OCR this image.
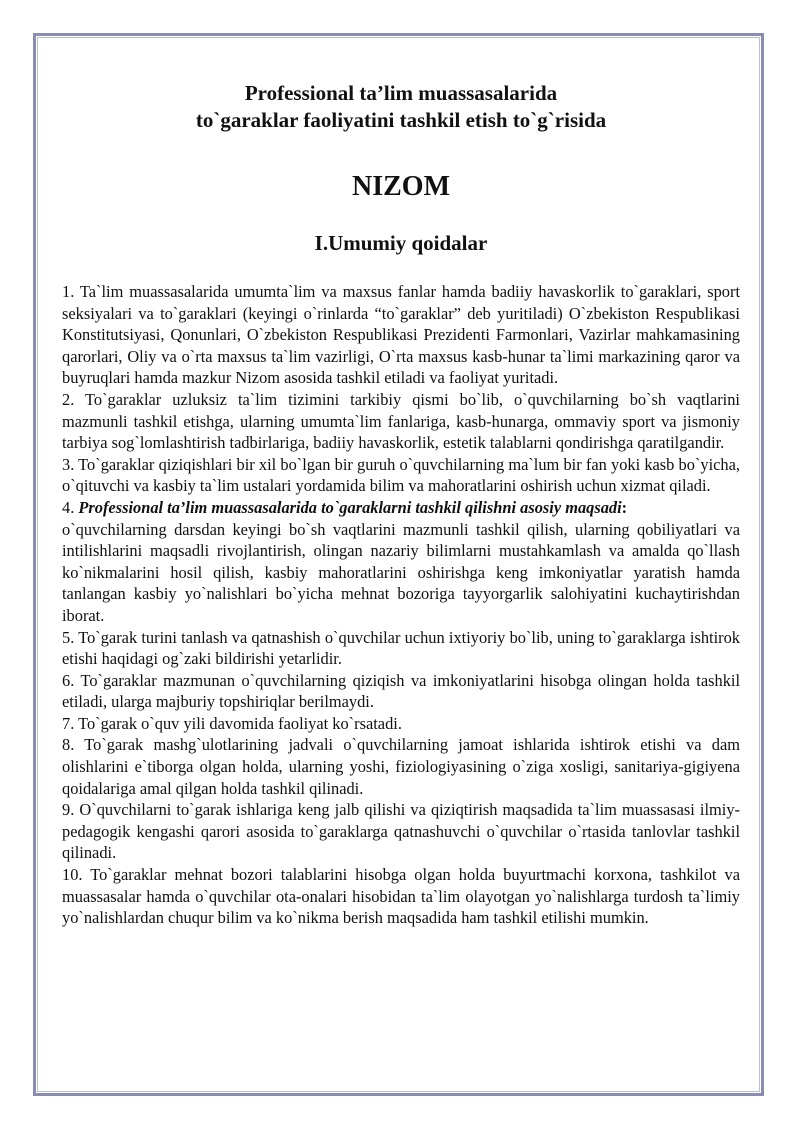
Professional ta’lim muassasalarida
to`garaklar faoliyatini tashkil etish to`g`risida
NIZOM
I.Umumiy qoidalar

1. Ta`lim muassasalarida umumta`lim va maxsus fanlar hamda badiiy havaskorlik to`garaklari, sport seksiyalari va to`garaklari (keyingi o`rinlarda “to`garaklar” deb yuritiladi) O`zbekiston Respublikasi Konstitutsiyasi, Qonunlari, O`zbekiston Respublikasi Prezidenti Farmonlari, Vazirlar mahkamasining qarorlari, Oliy va o`rta maxsus ta`lim vazirligi, O`rta maxsus kasb-hunar ta`limi markazining qaror va buyruqlari hamda mazkur Nizom asosida tashkil etiladi va faoliyat yuritadi.

2. To`garaklar uzluksiz ta`lim tizimini tarkibiy qismi bo`lib, o`quvchilarning bo`sh vaqtlarini mazmunli tashkil etishga, ularning umumta`lim fanlariga, kasb-hunarga, ommaviy sport va jismoniy tarbiya sog`lomlashtirish tadbirlariga, badiiy havaskorlik, estetik talablarni qondirishga qaratilgandir.

3. To`garaklar qiziqishlari bir xil bo`lgan bir guruh o`quvchilarning ma`lum bir fan yoki kasb bo`yicha, o`qituvchi va kasbiy ta`lim ustalari yordamida bilim va mahoratlarini oshirish uchun xizmat qiladi.

4. Professional ta’lim muassasalarida to`garaklarni tashkil qilishni asosiy maqsadi:
o`quvchilarning darsdan keyingi bo`sh vaqtlarini mazmunli tashkil qilish, ularning qobiliyatlari va intilishlarini maqsadli rivojlantirish, olingan nazariy bilimlarni mustahkamlash va amalda qo`llash ko`nikmalarini hosil qilish, kasbiy mahoratlarini oshirishga keng imkoniyatlar yaratish hamda tanlangan kasbiy yo`nalishlari bo`yicha mehnat bozoriga tayyorgarlik salohiyatini kuchaytirishdan iborat.

5. To`garak turini tanlash va qatnashish o`quvchilar uchun ixtiyoriy bo`lib, uning to`garaklarga ishtirok etishi haqidagi og`zaki bildirishi yetarlidir.

6. To`garaklar mazmunan o`quvchilarning qiziqish va imkoniyatlarini hisobga olingan holda tashkil etiladi, ularga majburiy topshiriqlar berilmaydi.

7. To`garak o`quv yili davomida faoliyat ko`rsatadi.

8. To`garak mashg`ulotlarining jadvali o`quvchilarning jamoat ishlarida ishtirok etishi va dam olishlarini e`tiborga olgan holda, ularning yoshi, fiziologiyasining o`ziga xosligi, sanitariya-gigiyena qoidalariga amal qilgan holda tashkil qilinadi.

9. O`quvchilarni to`garak ishlariga keng jalb qilishi va qiziqtirish maqsadida ta`lim muassasasi ilmiy-pedagogik kengashi qarori asosida to`garaklarga qatnashuvchi o`quvchilar o`rtasida tanlovlar tashkil qilinadi.

10. To`garaklar mehnat bozori talablarini hisobga olgan holda buyurtmachi korxona, tashkilot va muassasalar hamda o`quvchilar ota-onalari hisobidan ta`lim olayotgan yo`nalishlarga turdosh ta`limiy yo`nalishlardan chuqur bilim va ko`nikma berish maqsadida ham tashkil etilishi mumkin.
